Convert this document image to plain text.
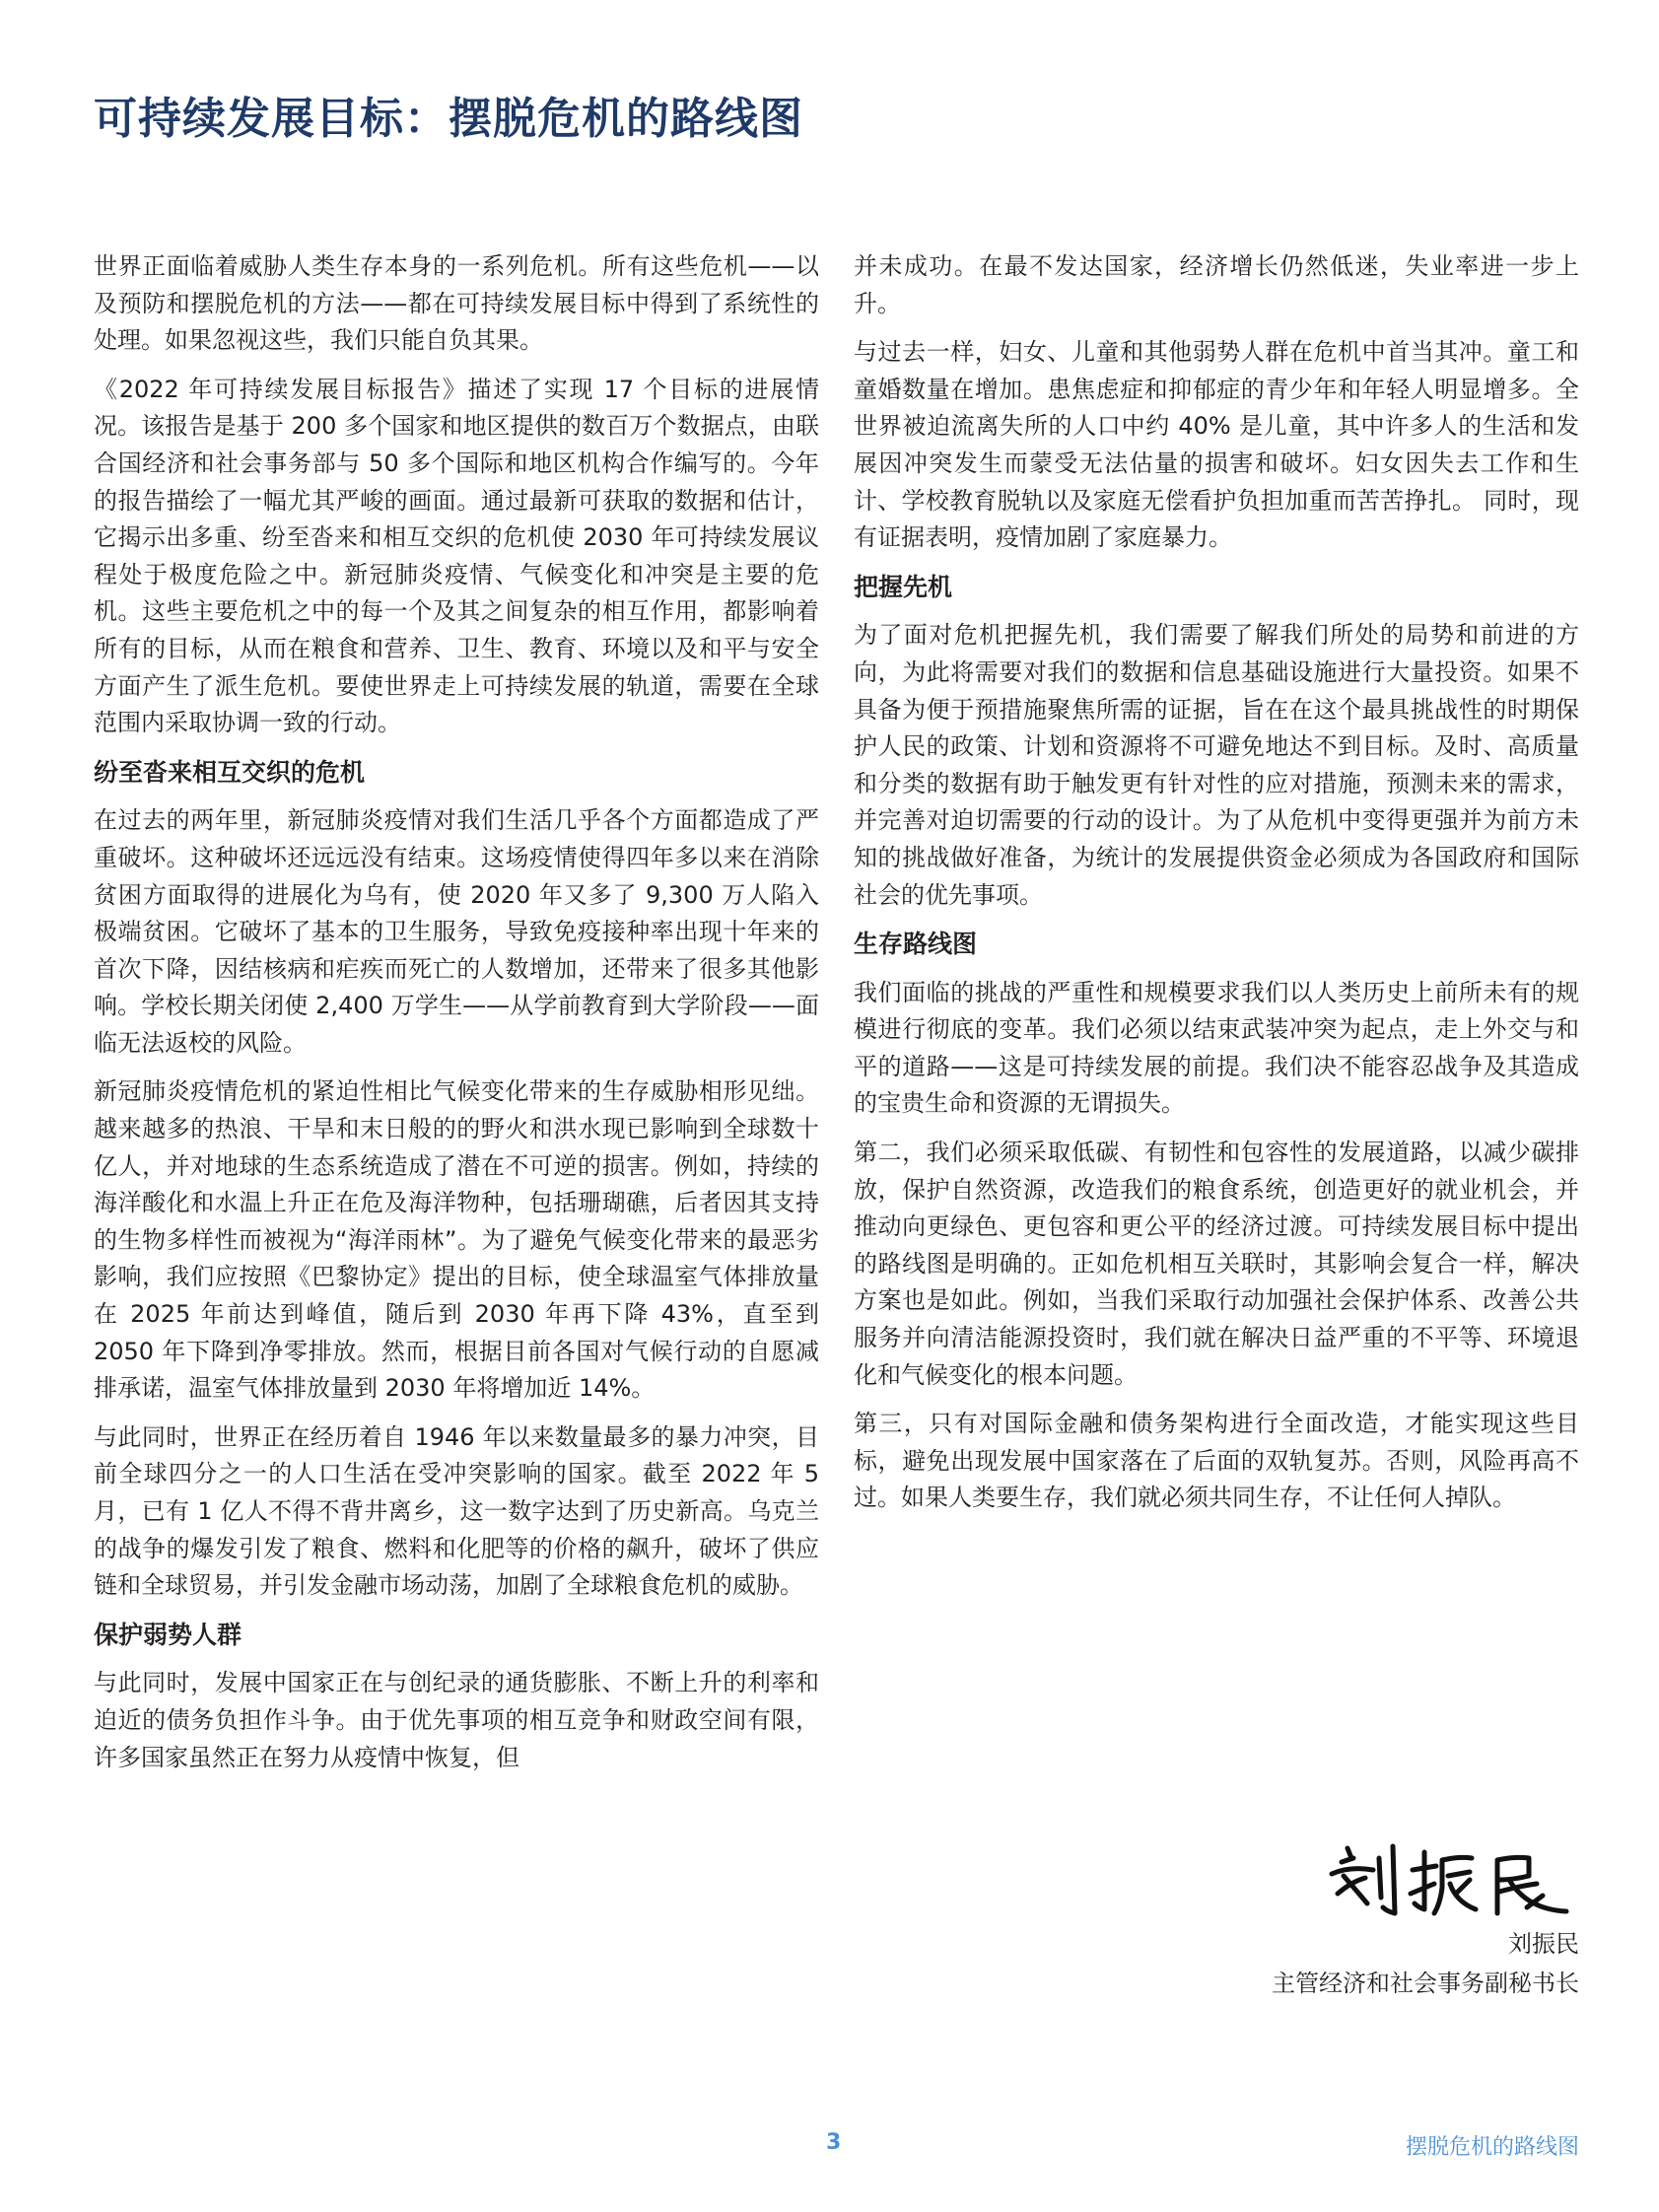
可持续发展目标：摆脱危机的路线图

世界正面临着威胁人类生存本身的一系列危机。所有这些危机——以及预防和摆脱危机的方法——都在可持续发展目标中得到了系统性的处理。如果忽视这些，我们只能自负其果。

《2022 年可持续发展目标报告》描述了实现 17 个目标的进展情况。该报告是基于 200 多个国家和地区提供的数百万个数据点，由联合国经济和社会事务部与 50 多个国际和地区机构合作编写的。今年的报告描绘了一幅尤其严峻的画面。通过最新可获取的数据和估计，它揭示出多重、纷至沓来和相互交织的危机使 2030 年可持续发展议程处于极度危险之中。新冠肺炎疫情、气候变化和冲突是主要的危机。这些主要危机之中的每一个及其之间复杂的相互作用，都影响着所有的目标，从而在粮食和营养、卫生、教育、环境以及和平与安全方面产生了派生危机。要使世界走上可持续发展的轨道，需要在全球范围内采取协调一致的行动。

纷至沓来相互交织的危机

在过去的两年里，新冠肺炎疫情对我们生活几乎各个方面都造成了严重破坏。这种破坏还远远没有结束。这场疫情使得四年多以来在消除贫困方面取得的进展化为乌有，使 2020 年又多了 9,300 万人陷入极端贫困。它破坏了基本的卫生服务，导致免疫接种率出现十年来的首次下降，因结核病和疟疾而死亡的人数增加，还带来了很多其他影响。学校长期关闭使 2,400 万学生——从学前教育到大学阶段——面临无法返校的风险。

新冠肺炎疫情危机的紧迫性相比气候变化带来的生存威胁相形见绌。越来越多的热浪、干旱和末日般的的野火和洪水现已影响到全球数十亿人，并对地球的生态系统造成了潜在不可逆的损害。例如，持续的海洋酸化和水温上升正在危及海洋物种，包括珊瑚礁，后者因其支持的生物多样性而被视为“海洋雨林”。为了避免气候变化带来的最恶劣影响，我们应按照《巴黎协定》提出的目标，使全球温室气体排放量在 2025 年前达到峰值，随后到 2030 年再下降 43%，直至到 2050 年下降到净零排放。然而，根据目前各国对气候行动的自愿减排承诺，温室气体排放量到 2030 年将增加近 14%。

与此同时，世界正在经历着自 1946 年以来数量最多的暴力冲突，目前全球四分之一的人口生活在受冲突影响的国家。截至 2022 年 5 月，已有 1 亿人不得不背井离乡，这一数字达到了历史新高。乌克兰的战争的爆发引发了粮食、燃料和化肥等的价格的飙升，破坏了供应链和全球贸易，并引发金融市场动荡，加剧了全球粮食危机的威胁。

保护弱势人群

与此同时，发展中国家正在与创纪录的通货膨胀、不断上升的利率和迫近的债务负担作斗争。由于优先事项的相互竞争和财政空间有限，许多国家虽然正在努力从疫情中恢复，但

并未成功。在最不发达国家，经济增长仍然低迷，失业率进一步上升。

与过去一样，妇女、儿童和其他弱势人群在危机中首当其冲。童工和童婚数量在增加。患焦虑症和抑郁症的青少年和年轻人明显增多。全世界被迫流离失所的人口中约 40% 是儿童，其中许多人的生活和发展因冲突发生而蒙受无法估量的损害和破坏。妇女因失去工作和生计、学校教育脱轨以及家庭无偿看护负担加重而苦苦挣扎。 同时，现有证据表明，疫情加剧了家庭暴力。

把握先机

为了面对危机把握先机，我们需要了解我们所处的局势和前进的方向，为此将需要对我们的数据和信息基础设施进行大量投资。如果不具备为便于预措施聚焦所需的证据，旨在在这个最具挑战性的时期保护人民的政策、计划和资源将不可避免地达不到目标。及时、高质量和分类的数据有助于触发更有针对性的应对措施，预测未来的需求，并完善对迫切需要的行动的设计。为了从危机中变得更强并为前方未知的挑战做好准备，为统计的发展提供资金必须成为各国政府和国际社会的优先事项。

生存路线图

我们面临的挑战的严重性和规模要求我们以人类历史上前所未有的规模进行彻底的变革。我们必须以结束武装冲突为起点，走上外交与和平的道路——这是可持续发展的前提。我们决不能容忍战争及其造成的宝贵生命和资源的无谓损失。

第二，我们必须采取低碳、有韧性和包容性的发展道路，以减少碳排放，保护自然资源，改造我们的粮食系统，创造更好的就业机会，并推动向更绿色、更包容和更公平的经济过渡。可持续发展目标中提出的路线图是明确的。正如危机相互关联时，其影响会复合一样，解决方案也是如此。例如，当我们采取行动加强社会保护体系、改善公共服务并向清洁能源投资时，我们就在解决日益严重的不平等、环境退化和气候变化的根本问题。

第三，只有对国际金融和债务架构进行全面改造，才能实现这些目标，避免出现发展中国家落在了后面的双轨复苏。否则，风险再高不过。如果人类要生存，我们就必须共同生存，不让任何人掉队。

刘振民
主管经济和社会事务副秘书长
3	摆脱危机的路线图
